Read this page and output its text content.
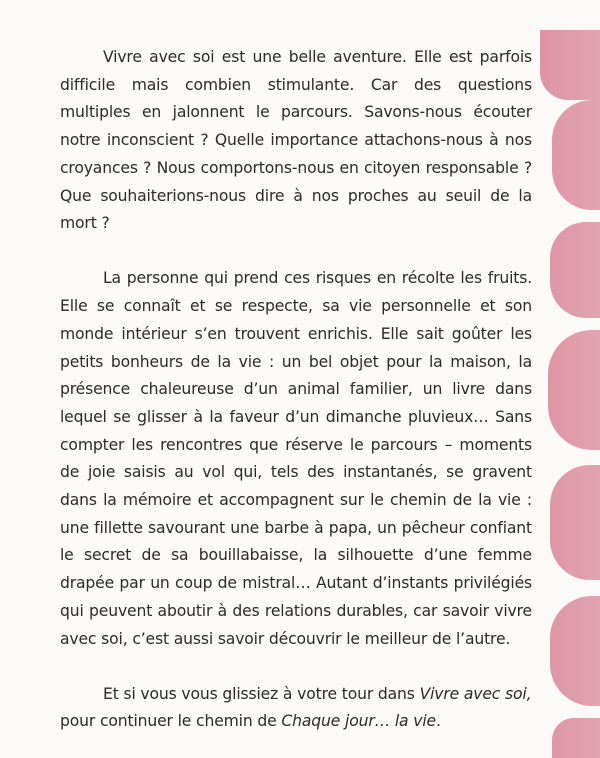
Vivre avec soi est une belle aventure. Elle est parfois difficile mais combien stimulante. Car des questions multiples en jalonnent le parcours. Savons-nous écouter notre inconscient ? Quelle importance attachons-nous à nos croyances ? Nous comportons-nous en citoyen responsable ? Que souhaiterions-nous dire à nos proches au seuil de la mort ?

La personne qui prend ces risques en récolte les fruits. Elle se connaît et se respecte, sa vie personnelle et son monde intérieur s’en trouvent enrichis. Elle sait goûter les petits bonheurs de la vie : un bel objet pour la maison, la présence chaleureuse d’un animal familier, un livre dans lequel se glisser à la faveur d’un dimanche pluvieux… Sans compter les rencontres que réserve le parcours – moments de joie saisis au vol qui, tels des instantanés, se gravent dans la mémoire et accompagnent sur le chemin de la vie : une fillette savourant une barbe à papa, un pêcheur confiant le secret de sa bouillabaisse, la silhouette d’une femme drapée par un coup de mistral… Autant d’instants privilégiés qui peuvent aboutir à des relations durables, car savoir vivre avec soi, c’est aussi savoir découvrir le meilleur de l’autre.

Et si vous vous glissiez à votre tour dans Vivre avec soi, pour continuer le chemin de Chaque jour… la vie.
